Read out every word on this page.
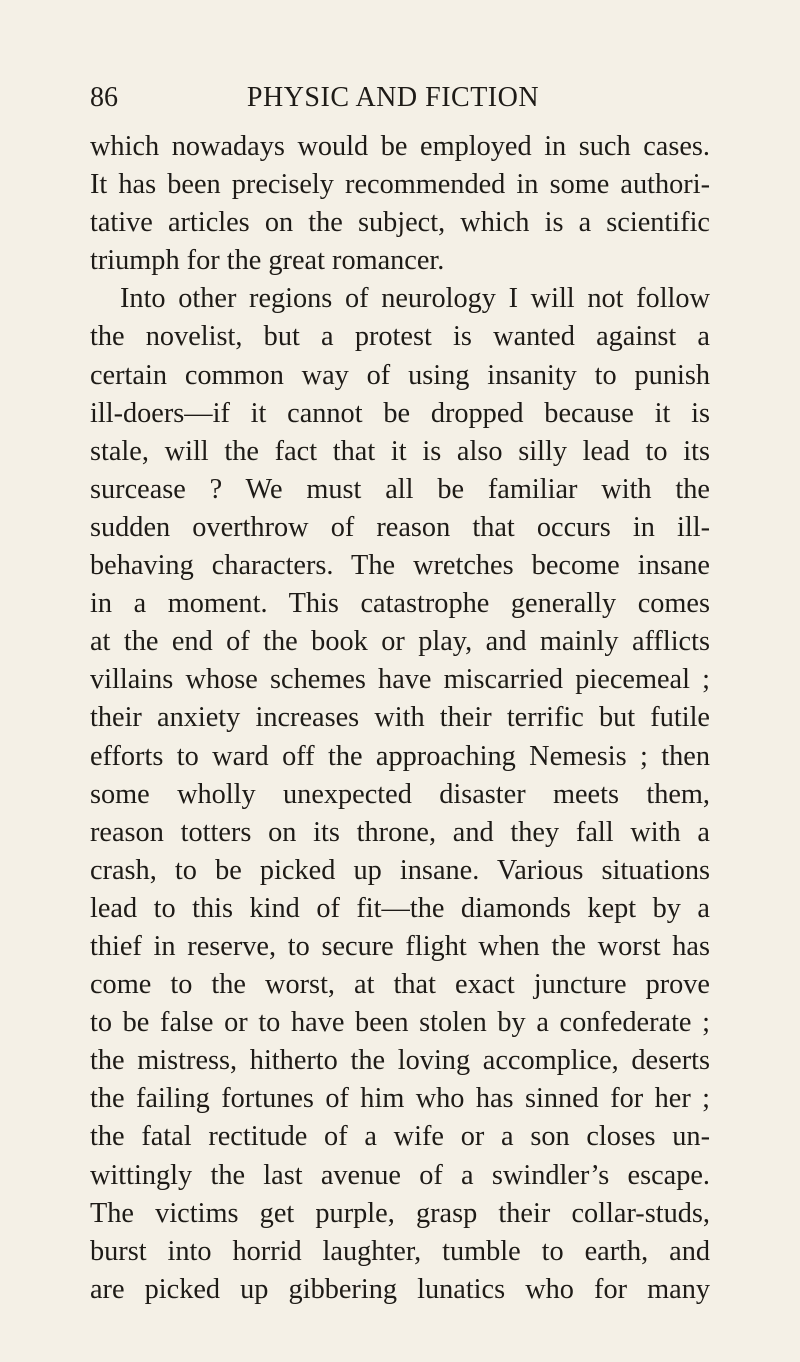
86	PHYSIC AND FICTION
which nowadays would be employed in such cases.
It has been precisely recommended in some authori-
tative articles on the subject, which is a scientific
triumph for the great romancer.
Into other regions of neurology I will not follow
the novelist, but a protest is wanted against a
certain common way of using insanity to punish
ill-doers—if it cannot be dropped because it is
stale, will the fact that it is also silly lead to its
surcease ? We must all be familiar with the
sudden overthrow of reason that occurs in ill-
behaving characters. The wretches become insane
in a moment. This catastrophe generally comes
at the end of the book or play, and mainly afflicts
villains whose schemes have miscarried piecemeal ;
their anxiety increases with their terrific but futile
efforts to ward off the approaching Nemesis ; then
some wholly unexpected disaster meets them,
reason totters on its throne, and they fall with a
crash, to be picked up insane. Various situations
lead to this kind of fit—the diamonds kept by a
thief in reserve, to secure flight when the worst has
come to the worst, at that exact juncture prove
to be false or to have been stolen by a confederate ;
the mistress, hitherto the loving accomplice, deserts
the failing fortunes of him who has sinned for her ;
the fatal rectitude of a wife or a son closes un-
wittingly the last avenue of a swindler’s escape.
The victims get purple, grasp their collar-studs,
burst into horrid laughter, tumble to earth, and
are picked up gibbering lunatics who for many
